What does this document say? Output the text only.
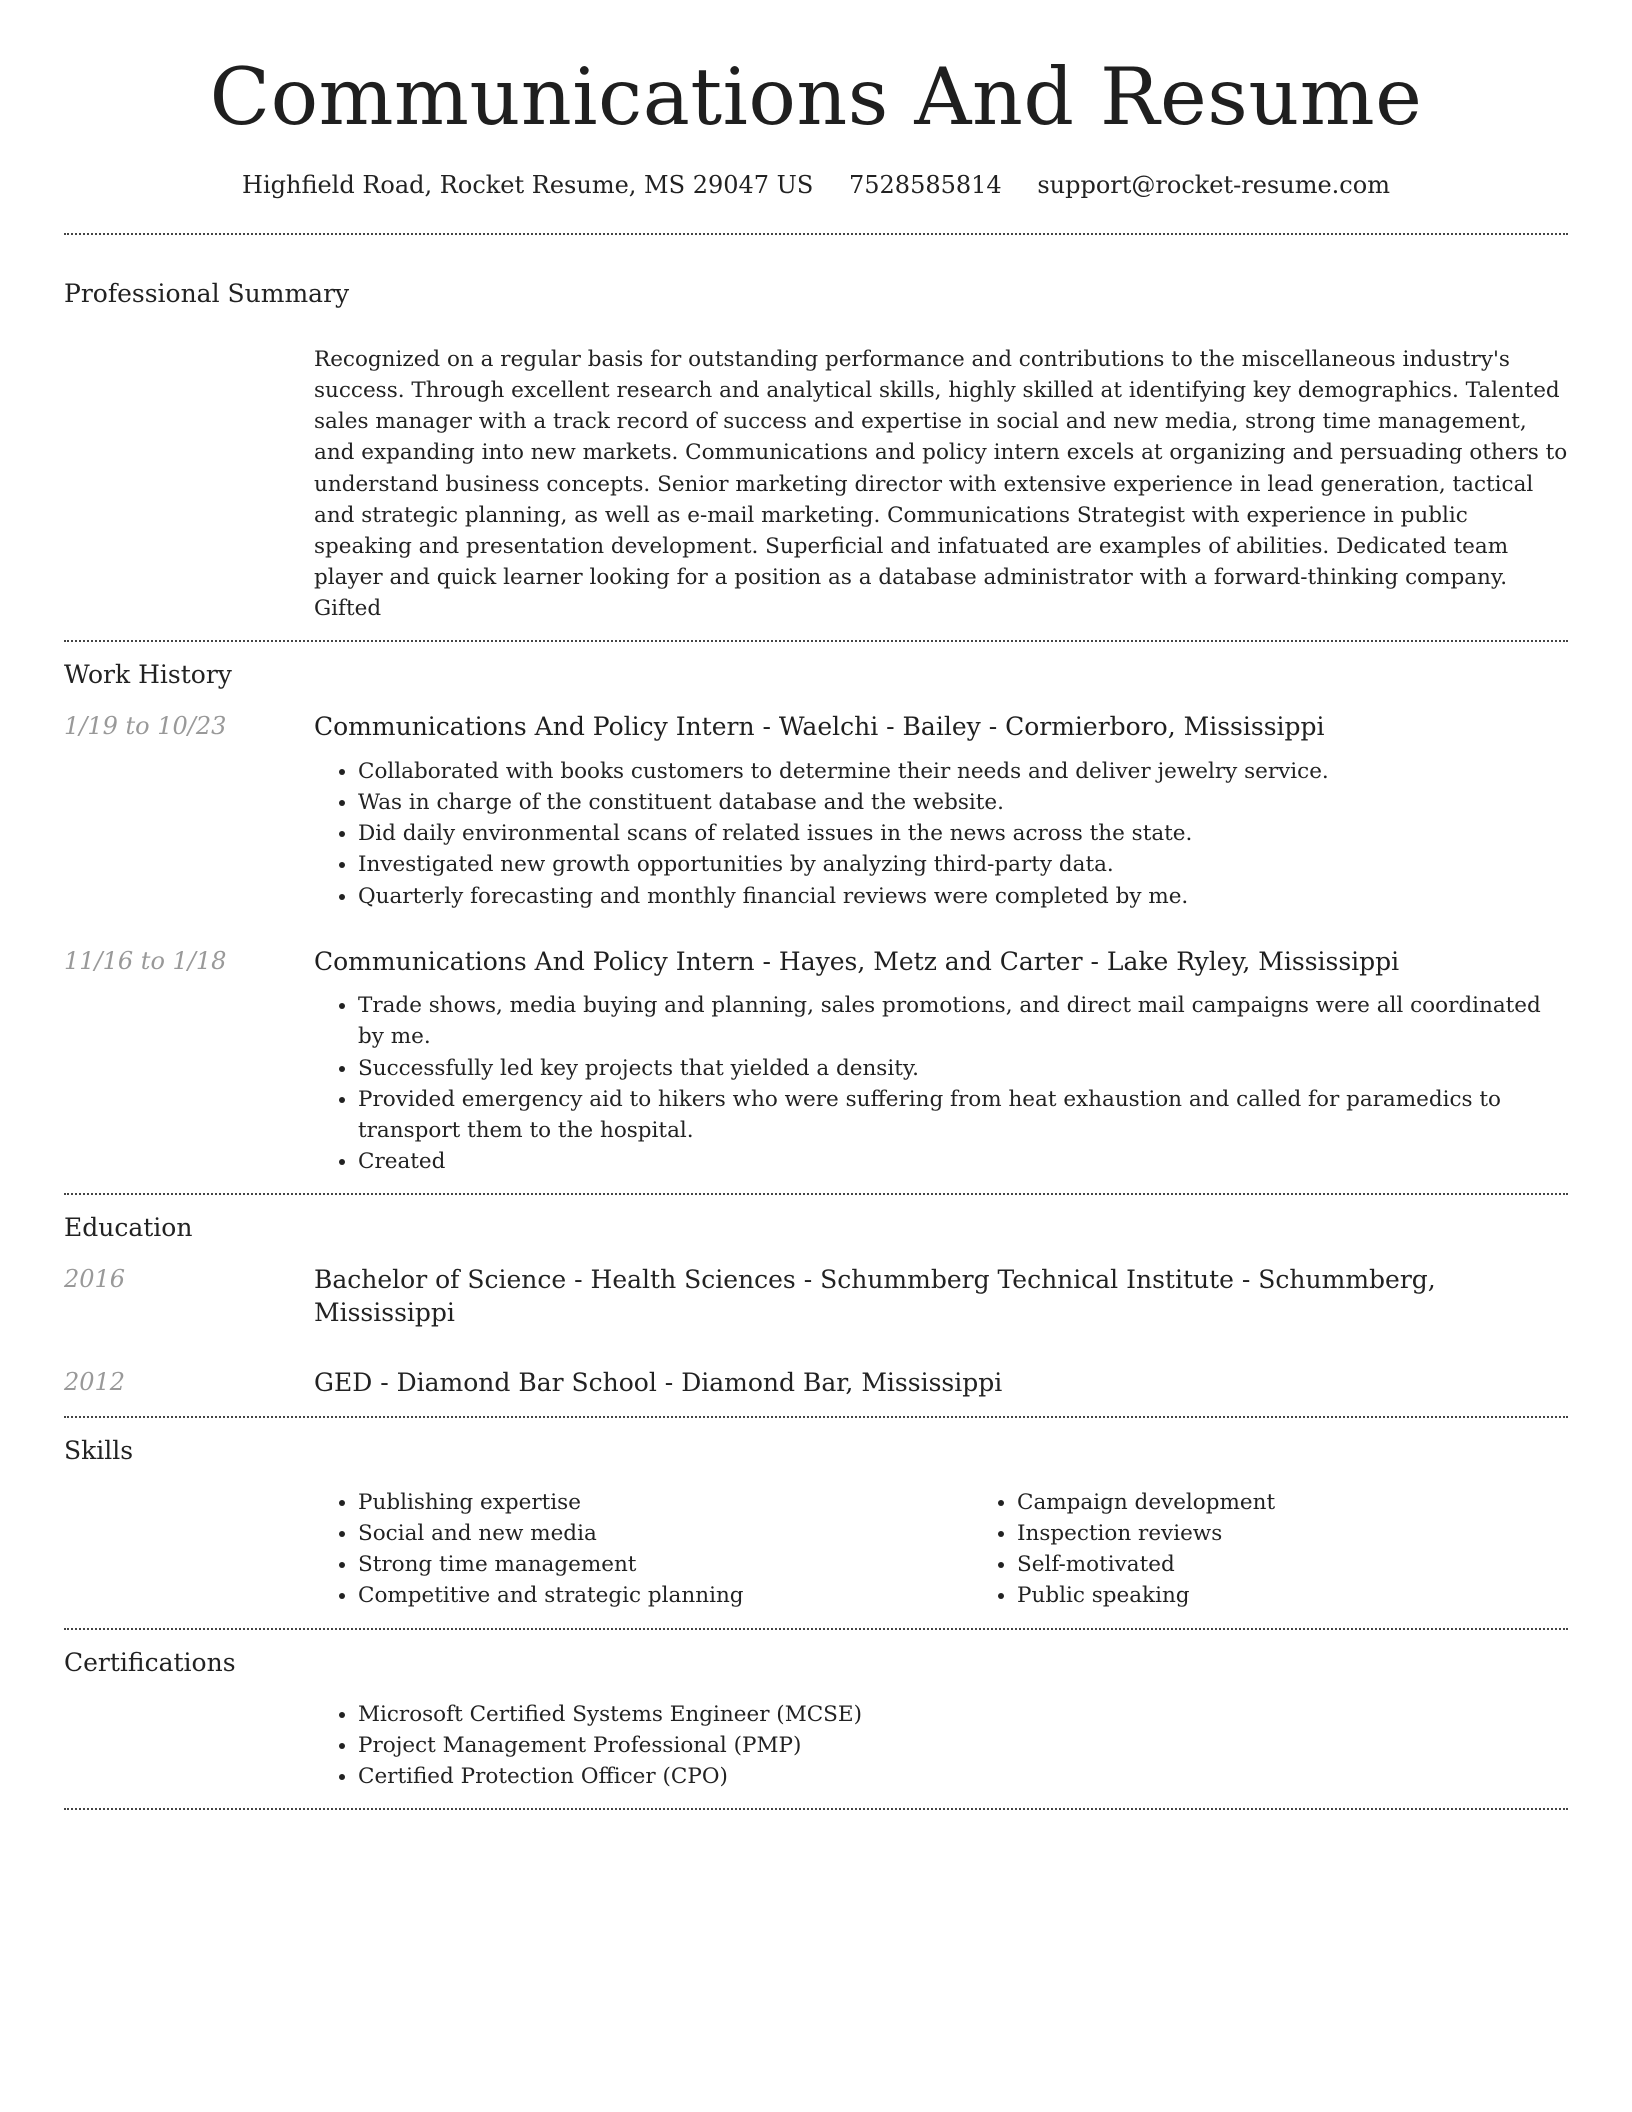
Communications And Resume
Highfield Road, Rocket Resume, MS 29047 US 7528585814 support@rocket-resume.com
Professional Summary

Recognized on a regular basis for outstanding performance and contributions to the miscellaneous industry's success. Through excellent research and analytical skills, highly skilled at identifying key demographics. Talented sales manager with a track record of success and expertise in social and new media, strong time management, and expanding into new markets. Communications and policy intern excels at organizing and persuading others to understand business concepts. Senior marketing director with extensive experience in lead generation, tactical and strategic planning, as well as e-mail marketing. Communications Strategist with experience in public speaking and presentation development. Superficial and infatuated are examples of abilities. Dedicated team player and quick learner looking for a position as a database administrator with a forward-thinking company. Gifted

Work History
1/19 to 10/23	Communications And Policy Intern - Waelchi - Bailey - Cormierboro, Mississippi
• Collaborated with books customers to determine their needs and deliver jewelry service.
• Was in charge of the constituent database and the website.
• Did daily environmental scans of related issues in the news across the state.
• Investigated new growth opportunities by analyzing third-party data.
• Quarterly forecasting and monthly financial reviews were completed by me.
11/16 to 1/18	Communications And Policy Intern - Hayes, Metz and Carter - Lake Ryley, Mississippi
• Trade shows, media buying and planning, sales promotions, and direct mail campaigns were all coordinated by me.
• Successfully led key projects that yielded a density.
• Provided emergency aid to hikers who were suffering from heat exhaustion and called for paramedics to transport them to the hospital.
• Created
Education
2016	Bachelor of Science - Health Sciences - Schummberg Technical Institute - Schummberg, Mississippi
2012	GED - Diamond Bar School - Diamond Bar, Mississippi
Skills
• Publishing expertise
• Social and new media
• Strong time management
• Competitive and strategic planning
• Campaign development
• Inspection reviews
• Self-motivated
• Public speaking
Certifications
• Microsoft Certified Systems Engineer (MCSE)
• Project Management Professional (PMP)
• Certified Protection Officer (CPO)
